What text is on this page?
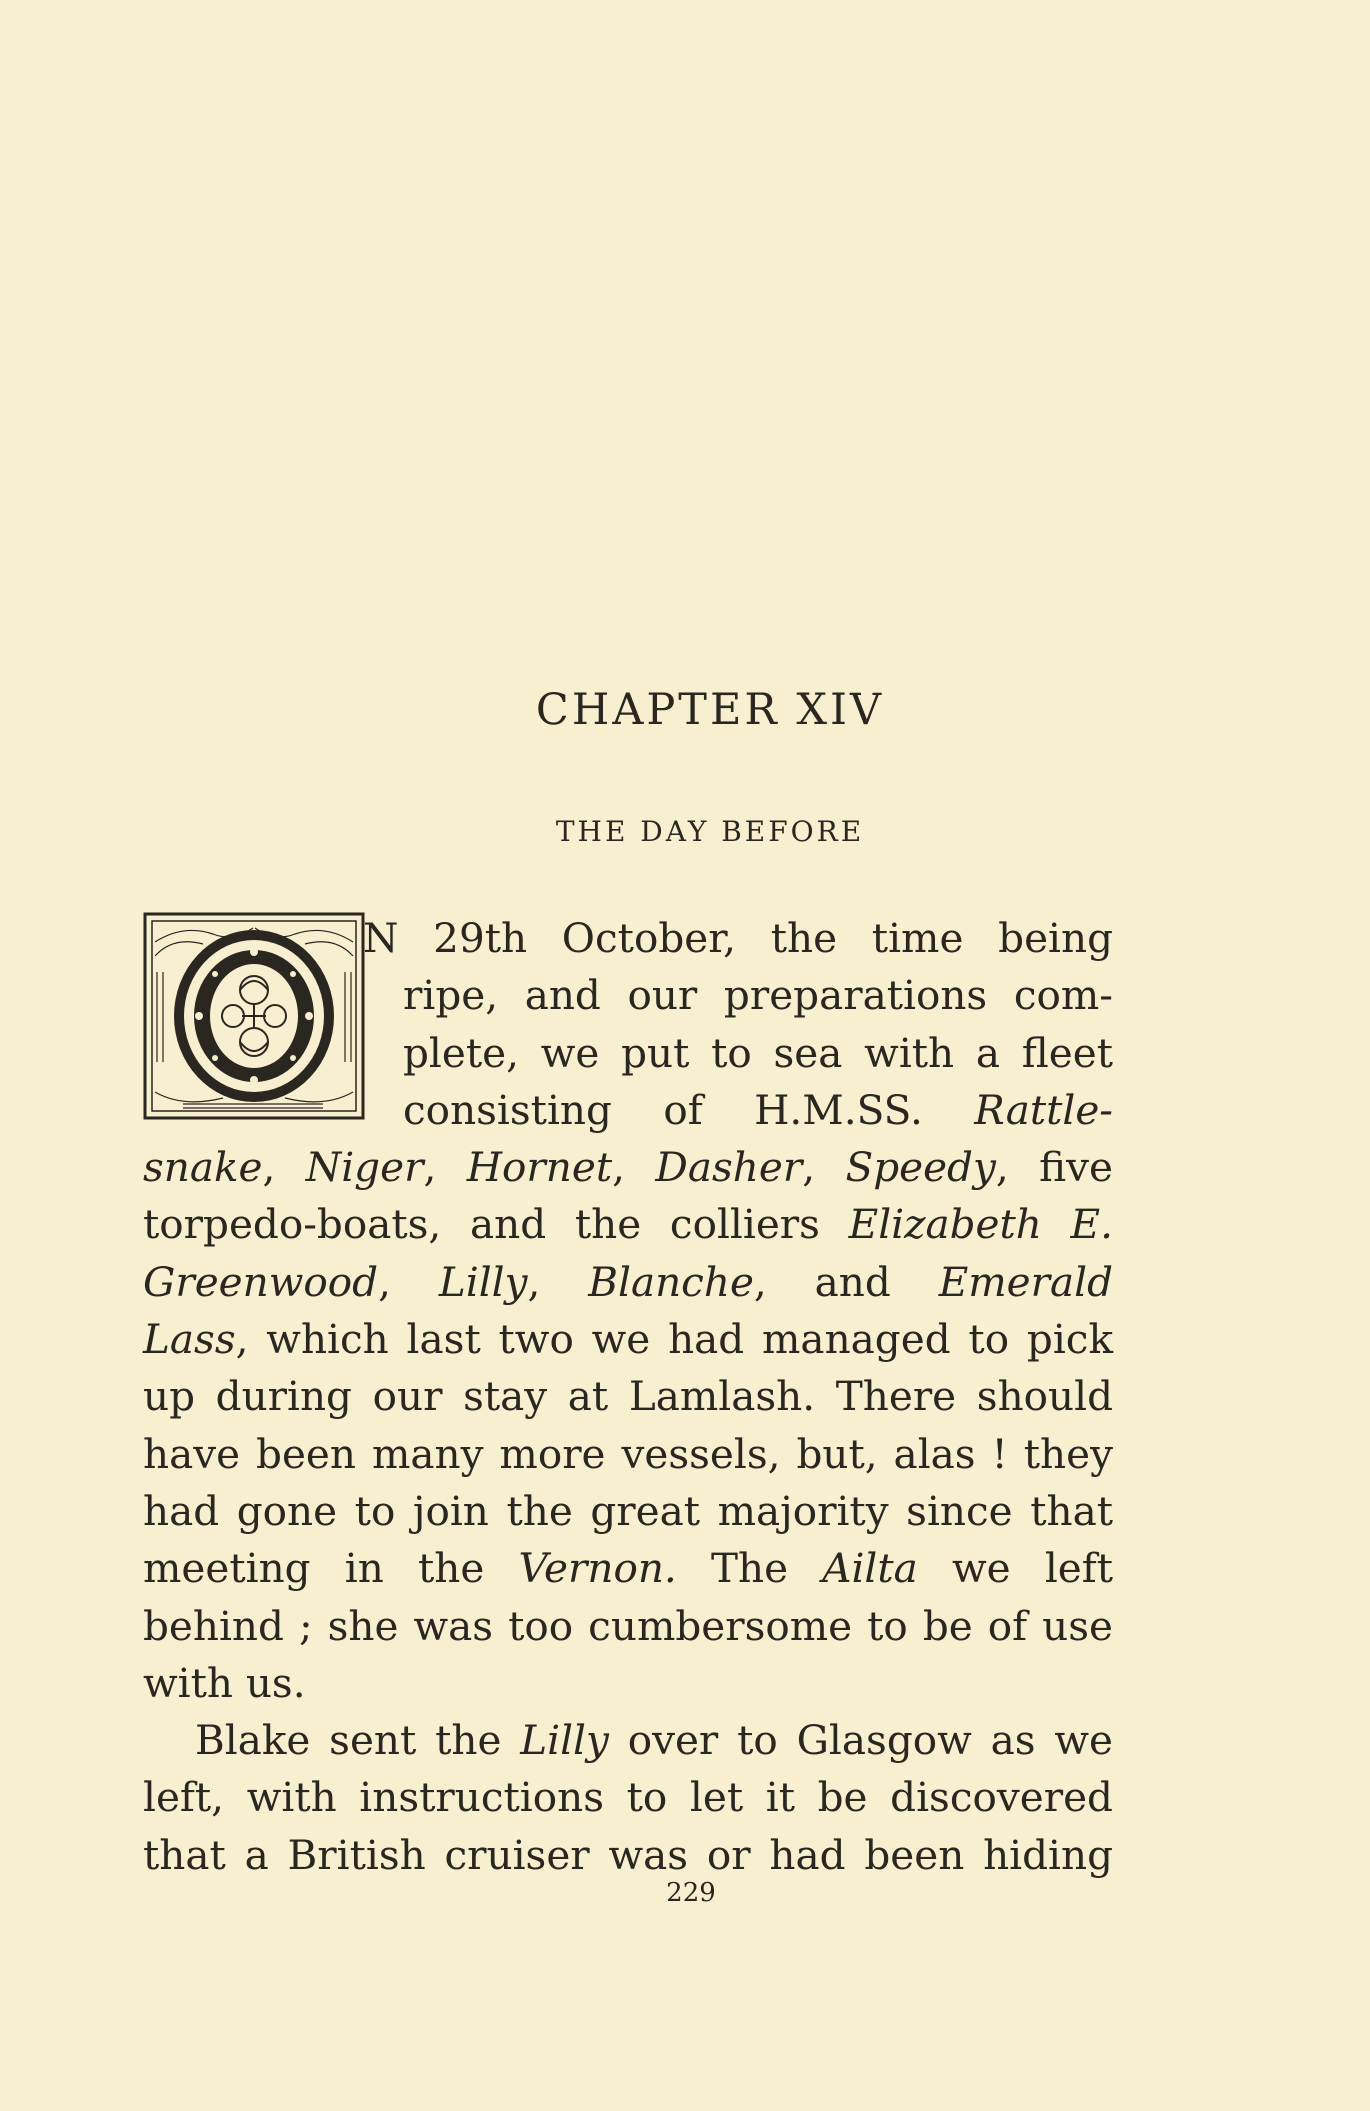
CHAPTER XIV
THE DAY BEFORE
N 29th October, the time being
ripe, and our preparations com-
plete, we put to sea with a fleet
consisting of H.M.SS. Rattle-
snake, Niger, Hornet, Dasher, Speedy, five
torpedo-boats, and the colliers Elizabeth E.
Greenwood, Lilly, Blanche, and Emerald
Lass, which last two we had managed to pick
up during our stay at Lamlash. There should
have been many more vessels, but, alas ! they
had gone to join the great majority since that
meeting in the Vernon. The Ailta we left
behind ; she was too cumbersome to be of use
with us.
Blake sent the Lilly over to Glasgow as we
left, with instructions to let it be discovered
that a British cruiser was or had been hiding
229
